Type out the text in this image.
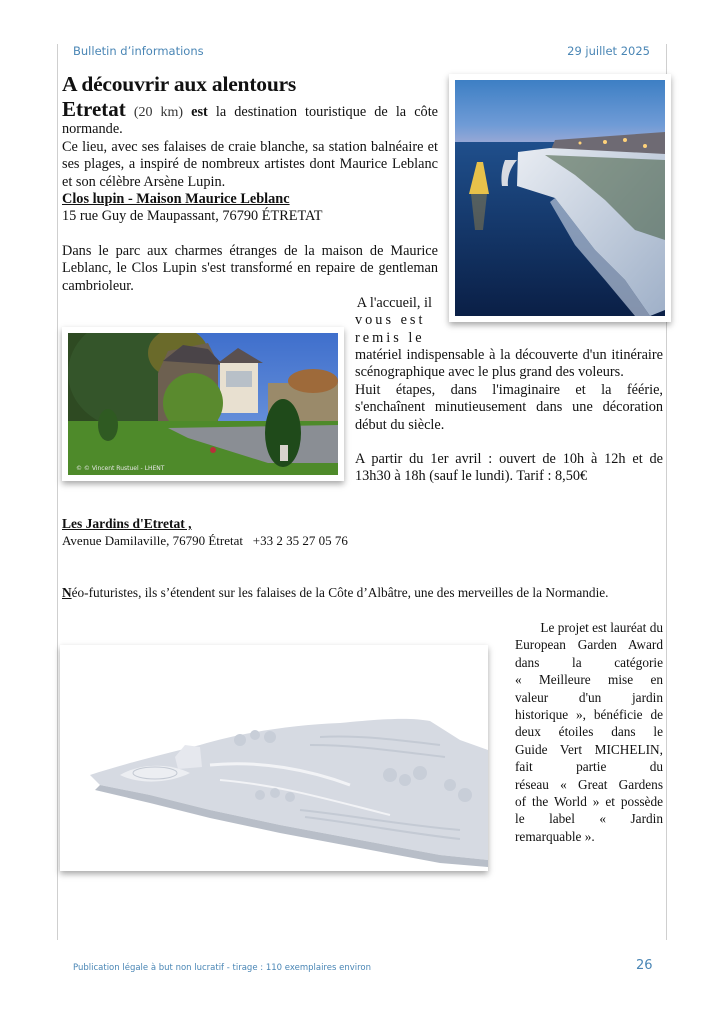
Bulletin d’informations	29 juillet 2025
A découvrir aux alentours

Etretat (20 km) est la destination touristique de la côte normande.

Ce lieu, avec ses falaises de craie blanche, sa station balnéaire et ses plages, a inspiré de nombreux artistes dont Maurice Leblanc et son célèbre Arsène Lupin.

Clos lupin - Maison Maurice Leblanc

15 rue Guy de Maupassant, 76790 ÉTRETAT

Dans le parc aux charmes étranges de la maison de Maurice Leblanc, le Clos Lupin s'est transformé en repaire de gentleman cambrioleur.

© © Vincent Rustuel - LHENT
A l'accueil, il
vous est
remis le

matériel indispensable à la découverte d'un itinéraire scénographique avec le plus grand des voleurs.

Huit étapes, dans l'imaginaire et la féérie, s'enchaînent minutieusement dans une décoration début du siècle.

A partir du 1er avril : ouvert de 10h à 12h et de 13h30 à 18h (sauf le lundi). Tarif : 8,50€

Les Jardins d'Etretat ,
Avenue Damilaville, 76790 Étretat +33 2 35 27 05 76
Néo-futuristes, ils s’étendent sur les falaises de la Côte d’Albâtre, une des merveilles de la Normandie.
Le projet est lauréat du
European Garden Award
dans la catégorie
« Meilleure mise en
valeur d'un jardin
historique », bénéficie de
deux étoiles dans le
Guide Vert MICHELIN,
fait partie du
réseau « Great Gardens
of the World » et possède
le label « Jardin
remarquable ».
Publication légale à but non lucratif - tirage : 110 exemplaires environ	26
